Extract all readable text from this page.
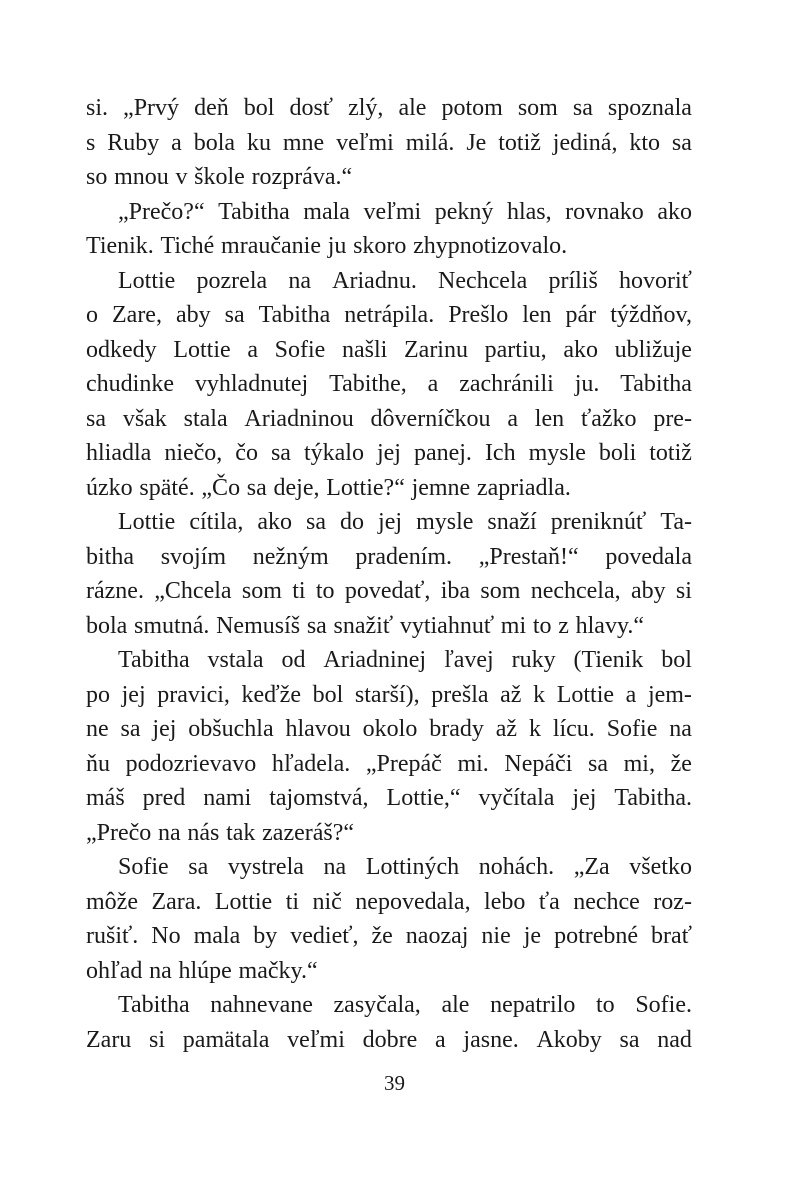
si. „Prvý deň bol dosť zlý, ale potom som sa spoznala
s Ruby a bola ku mne veľmi milá. Je totiž jediná, kto sa
so mnou v škole rozpráva.“
„Prečo?“ Tabitha mala veľmi pekný hlas, rovnako ako
Tienik. Tiché mraučanie ju skoro zhypnotizovalo.
Lottie pozrela na Ariadnu. Nechcela príliš hovoriť
o Zare, aby sa Tabitha netrápila. Prešlo len pár týždňov,
odkedy Lottie a Sofie našli Zarinu partiu, ako ubližuje
chudinke vyhladnutej Tabithe, a zachránili ju. Tabitha
sa však stala Ariadninou dôverníčkou a len ťažko pre-
hliadla niečo, čo sa týkalo jej panej. Ich mysle boli totiž
úzko späté. „Čo sa deje, Lottie?“ jemne zapriadla.
Lottie cítila, ako sa do jej mysle snaží preniknúť Ta-
bitha svojím nežným pradením. „Prestaň!“ povedala
rázne. „Chcela som ti to povedať, iba som nechcela, aby si
bola smutná. Nemusíš sa snažiť vytiahnuť mi to z hlavy.“
Tabitha vstala od Ariadninej ľavej ruky (Tienik bol
po jej pravici, keďže bol starší), prešla až k Lottie a jem-
ne sa jej obšuchla hlavou okolo brady až k lícu. Sofie na
ňu podozrievavo hľadela. „Prepáč mi. Nepáči sa mi, že
máš pred nami tajomstvá, Lottie,“ vyčítala jej Tabitha.
„Prečo na nás tak zazeráš?“
Sofie sa vystrela na Lottiných nohách. „Za všetko
môže Zara. Lottie ti nič nepovedala, lebo ťa nechce roz-
rušiť. No mala by vedieť, že naozaj nie je potrebné brať
ohľad na hlúpe mačky.“
Tabitha nahnevane zasyčala, ale nepatrilo to Sofie.
Zaru si pamätala veľmi dobre a jasne. Akoby sa nad
39
